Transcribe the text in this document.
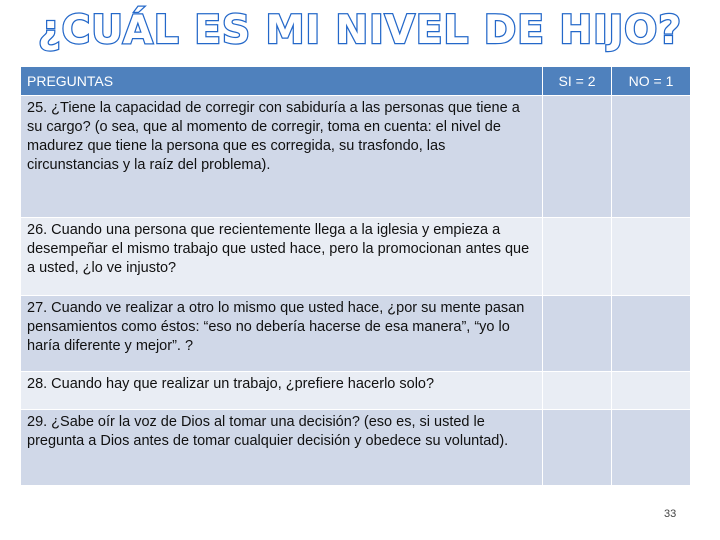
¿CUÁL ES MI NIVEL DE HIJO?
PREGUNTAS	SI = 2	NO = 1
25. ¿Tiene la capacidad de corregir con sabiduría a las personas que tiene a su cargo? (o sea, que al momento de corregir, toma en cuenta: el nivel de madurez que tiene la persona que es corregida, su trasfondo, las circunstancias y la raíz del problema).		
26. Cuando una persona que recientemente llega a la iglesia y empieza a desempeñar el mismo trabajo que usted hace, pero la promocionan antes que a usted, ¿lo ve injusto?		
27. Cuando ve realizar a otro lo mismo que usted hace, ¿por su mente pasan pensamientos como éstos: “eso no debería hacerse de esa manera”, “yo lo haría diferente y mejor”. ?		
28. Cuando hay que realizar un trabajo, ¿prefiere hacerlo solo?		
29. ¿Sabe oír la voz de Dios al tomar una decisión? (eso es, si usted le pregunta a Dios antes de tomar cualquier decisión y obedece su voluntad).		
33
